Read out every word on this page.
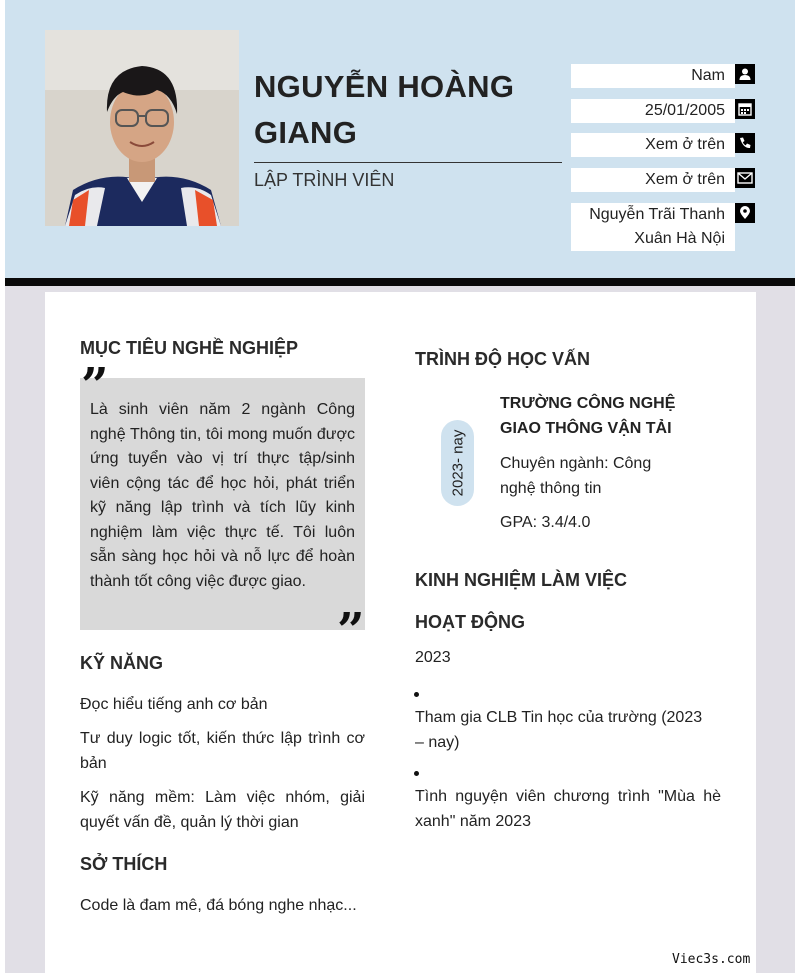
NGUYỄN HOÀNG GIANG
LẬP TRÌNH VIÊN
Nam
25/01/2005
Xem ở trên
Xem ở trên
Nguyễn Trãi Thanh
Xuân Hà Nội
MỤC TIÊU NGHỀ NGHIỆP
Là sinh viên năm 2 ngành Công nghệ Thông tin, tôi mong muốn được ứng tuyển vào vị trí thực tập/sinh viên cộng tác để học hỏi, phát triển kỹ năng lập trình và tích lũy kinh nghiệm làm việc thực tế. Tôi luôn sẵn sàng học hỏi và nỗ lực để hoàn thành tốt công việc được giao.
”
”
KỸ NĂNG
Đọc hiểu tiếng anh cơ bản
Tư duy logic tốt, kiến thức lập trình cơ bản
Kỹ năng mềm: Làm việc nhóm, giải quyết vấn đề, quản lý thời gian
SỞ THÍCH
Code là đam mê, đá bóng nghe nhạc...
TRÌNH ĐỘ HỌC VẤN
2023- nay
TRƯỜNG CÔNG NGHỆ GIAO THÔNG VẬN TẢI
Chuyên ngành: Công nghệ thông tin
GPA: 3.4/4.0
KINH NGHIỆM LÀM VIỆC
HOẠT ĐỘNG
2023
Tham gia CLB Tin học của trường (2023 – nay)
Tình nguyện viên chương trình "Mùa hè xanh" năm 2023
Viec3s.com
